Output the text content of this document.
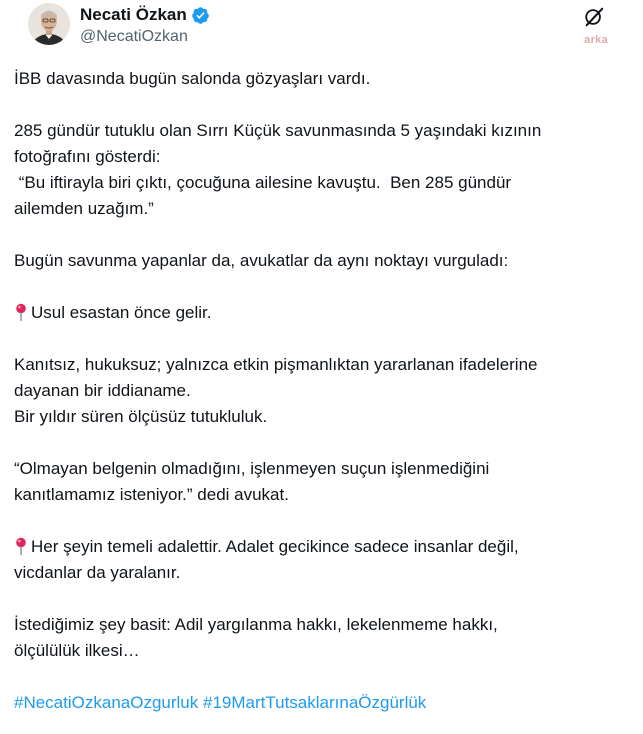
Necati Özkan
@NecatiOzkan	arka

İBB davasında bugün salonda gözyaşları vardı.

285 gündür tutuklu olan Sırrı Küçük savunmasında 5 yaşındaki kızının

fotoğrafını gösterdi:

“Bu iftirayla biri çıktı, çocuğuna ailesine kavuştu.  Ben 285 gündür

ailemden uzağım.”

Bugün savunma yapanlar da, avukatlar da aynı noktayı vurguladı:

Usul esastan önce gelir.

Kanıtsız, hukuksuz; yalnızca etkin pişmanlıktan yararlanan ifadelerine

dayanan bir iddianame.

Bir yıldır süren ölçüsüz tutukluluk.

“Olmayan belgenin olmadığını, işlenmeyen suçun işlenmediğini

kanıtlamamız isteniyor.” dedi avukat.

Her şeyin temeli adalettir. Adalet gecikince sadece insanlar değil,

vicdanlar da yaralanır.

İstediğimiz şey basit: Adil yargılanma hakkı, lekelenmeme hakkı,

ölçülülük ilkesi…

#NecatiOzkanaOzgurluk #19MartTutsaklarınaÖzgürlük
